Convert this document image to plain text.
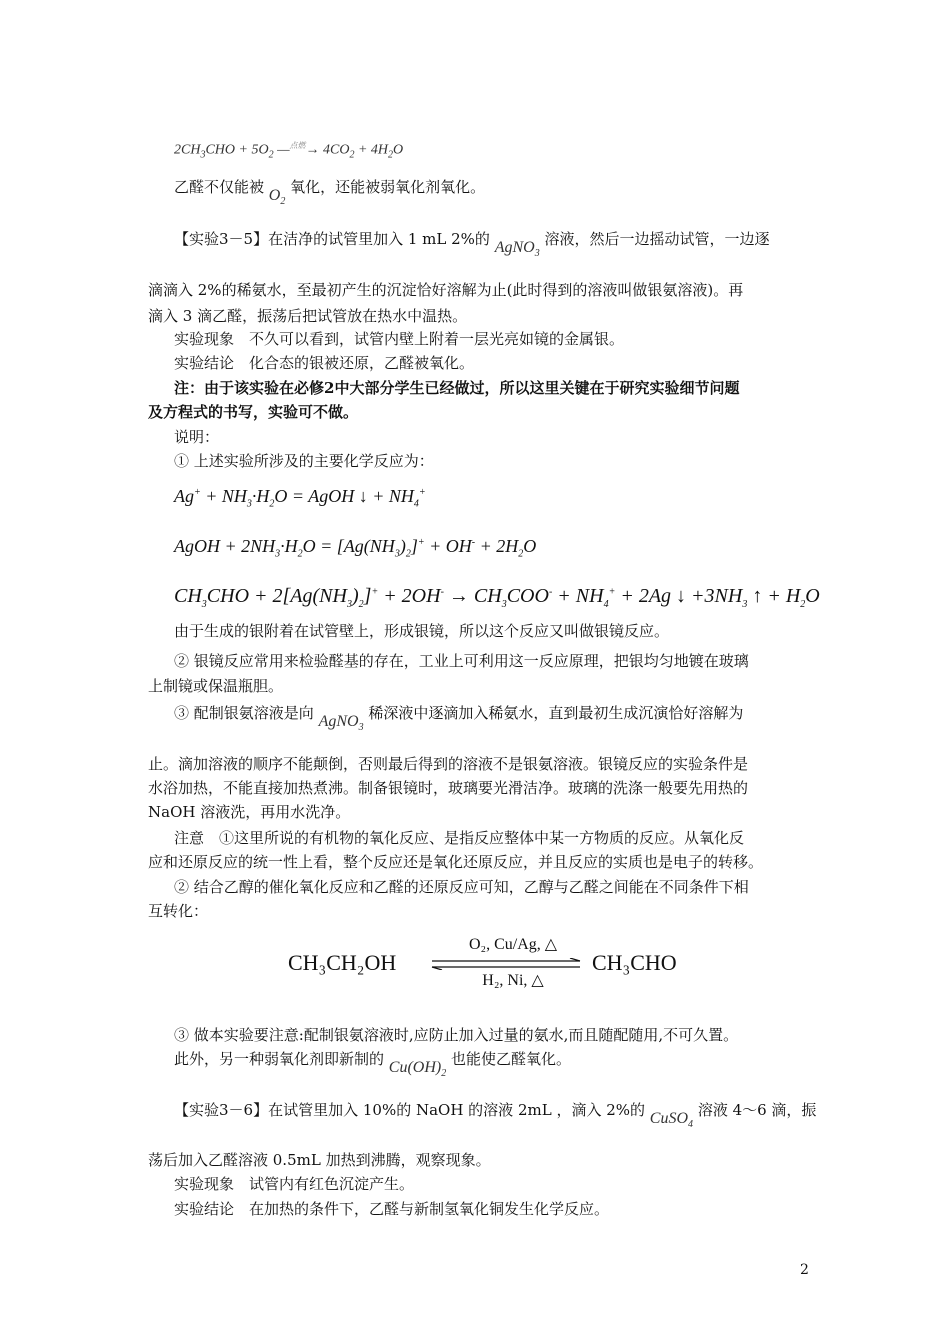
$2CH_3CHO + 5O_2$ —$^{点燃}$→ $4CO_2 + 4H_2O$
乙醛不仅能被 $O_2$ 氧化，还能被弱氧化剂氧化。
【实验3－5】在洁净的试管里加入 1 mL 2%的 AgNO$_3$ 溶液，然后一边摇动试管，一边逐
滴滴入 2%的稀氨水，至最初产生的沉淀恰好溶解为止(此时得到的溶液叫做银氨溶液)。再
滴入 3 滴乙醛，振荡后把试管放在热水中温热。
实验现象　不久可以看到，试管内壁上附着一层光亮如镜的金属银。
实验结论　化合态的银被还原，乙醛被氧化。
注：由于该实验在必修2中大部分学生已经做过，所以这里关键在于研究实验细节问题
及方程式的书写，实验可不做。
说明：
① 上述实验所涉及的主要化学反应为：
$Ag^+ + NH_3\cdot H_2O$ = AgOH ↓ + $NH_4^+$
AgOH + $2NH_3\cdot H_2O = [Ag(NH_3)_2]^+ + OH^- + 2H_2O$
$CH_3CHO + 2[Ag(NH_3)_2]^+ + 2OH^- \to CH_3COO^- + NH_4^+ + 2Ag$ ↓ $+3NH_3$ ↑ + $H_2O$
由于生成的银附着在试管壁上，形成银镜，所以这个反应又叫做银镜反应。
② 银镜反应常用来检验醛基的存在，工业上可利用这一反应原理，把银均匀地镀在玻璃
上制镜或保温瓶胆。
③ 配制银氨溶液是向 AgNO$_3$ 稀深液中逐滴加入稀氨水，直到最初生成沉演恰好溶解为
止。滴加溶液的顺序不能颠倒，否则最后得到的溶液不是银氨溶液。银镜反应的实验条件是
水浴加热，不能直接加热煮沸。制备银镜时，玻璃要光滑洁净。玻璃的洗涤一般要先用热的
NaOH 溶液洗，再用水洗净。
注意　①这里所说的有机物的氧化反应、是指反应整体中某一方物质的反应。从氧化反
应和还原反应的统一性上看，整个反应还是氧化还原反应，并且反应的实质也是电子的转移。
② 结合乙醇的催化氧化反应和乙醛的还原反应可知，乙醇与乙醛之间能在不同条件下相
互转化：
CH₃CH₂OH
O₂, Cu/Ag, △
H₂, Ni, △
CH₃CHO
③ 做本实验要注意:配制银氨溶液时,应防止加入过量的氨水,而且随配随用,不可久置。
此外，另一种弱氧化剂即新制的 $Cu(OH)_2$ 也能使乙醛氧化。
【实验3－6】在试管里加入 10%的 NaOH 的溶液 2mL ，滴入 2%的 CuSO$_4$ 溶液 4～6 滴，振
荡后加入乙醛溶液 0.5mL 加热到沸腾，观察现象。
实验现象　试管内有红色沉淀产生。
实验结论　在加热的条件下，乙醛与新制氢氧化铜发生化学反应。
2
